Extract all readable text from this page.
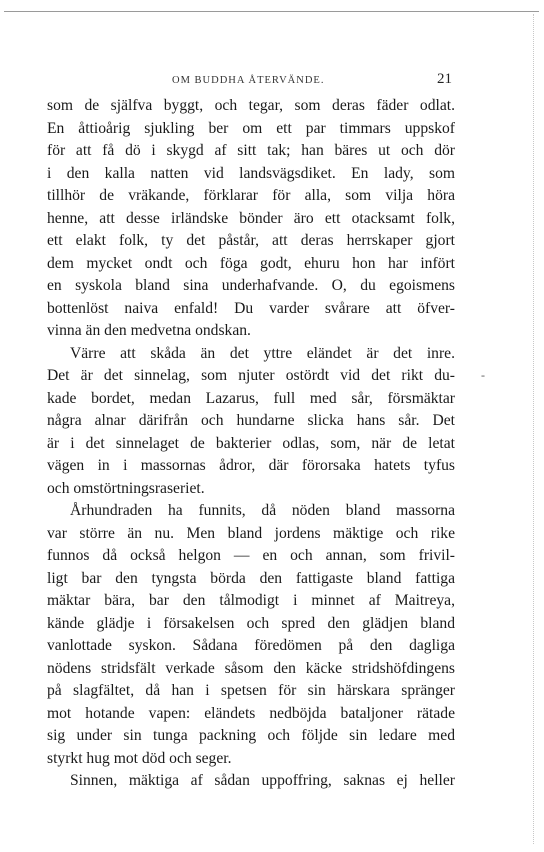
OM BUDDHA ÅTERVÄNDE.	21
-
som de själfva byggt, och tegar, som deras fäder odlat.
En åttioårig sjukling ber om ett par timmars uppskof
för att få dö i skygd af sitt tak; han bäres ut och dör
i den kalla natten vid landsvägsdiket. En lady, som
tillhör de vräkande, förklarar för alla, som vilja höra
henne, att desse irländske bönder äro ett otacksamt folk,
ett elakt folk, ty det påstår, att deras herrskaper gjort
dem mycket ondt och föga godt, ehuru hon har infört
en syskola bland sina underhafvande. O, du egoismens
bottenlöst naiva enfald! Du varder svårare att öfver-
vinna än den medvetna ondskan.
Värre att skåda än det yttre eländet är det inre.
Det är det sinnelag, som njuter ostördt vid det rikt du-
kade bordet, medan Lazarus, full med sår, försmäktar
några alnar därifrån och hundarne slicka hans sår. Det
är i det sinnelaget de bakterier odlas, som, när de letat
vägen in i massornas ådror, där förorsaka hatets tyfus
och omstörtningsraseriet.
Århundraden ha funnits, då nöden bland massorna
var större än nu. Men bland jordens mäktige och rike
funnos då också helgon — en och annan, som frivil-
ligt bar den tyngsta börda den fattigaste bland fattiga
mäktar bära, bar den tålmodigt i minnet af Maitreya,
kände glädje i försakelsen och spred den glädjen bland
vanlottade syskon. Sådana föredömen på den dagliga
nödens stridsfält verkade såsom den käcke stridshöfdingens
på slagfältet, då han i spetsen för sin härskara spränger
mot hotande vapen: eländets nedböjda bataljoner rätade
sig under sin tunga packning och följde sin ledare med
styrkt hug mot död och seger.
Sinnen, mäktiga af sådan uppoffring, saknas ej heller
